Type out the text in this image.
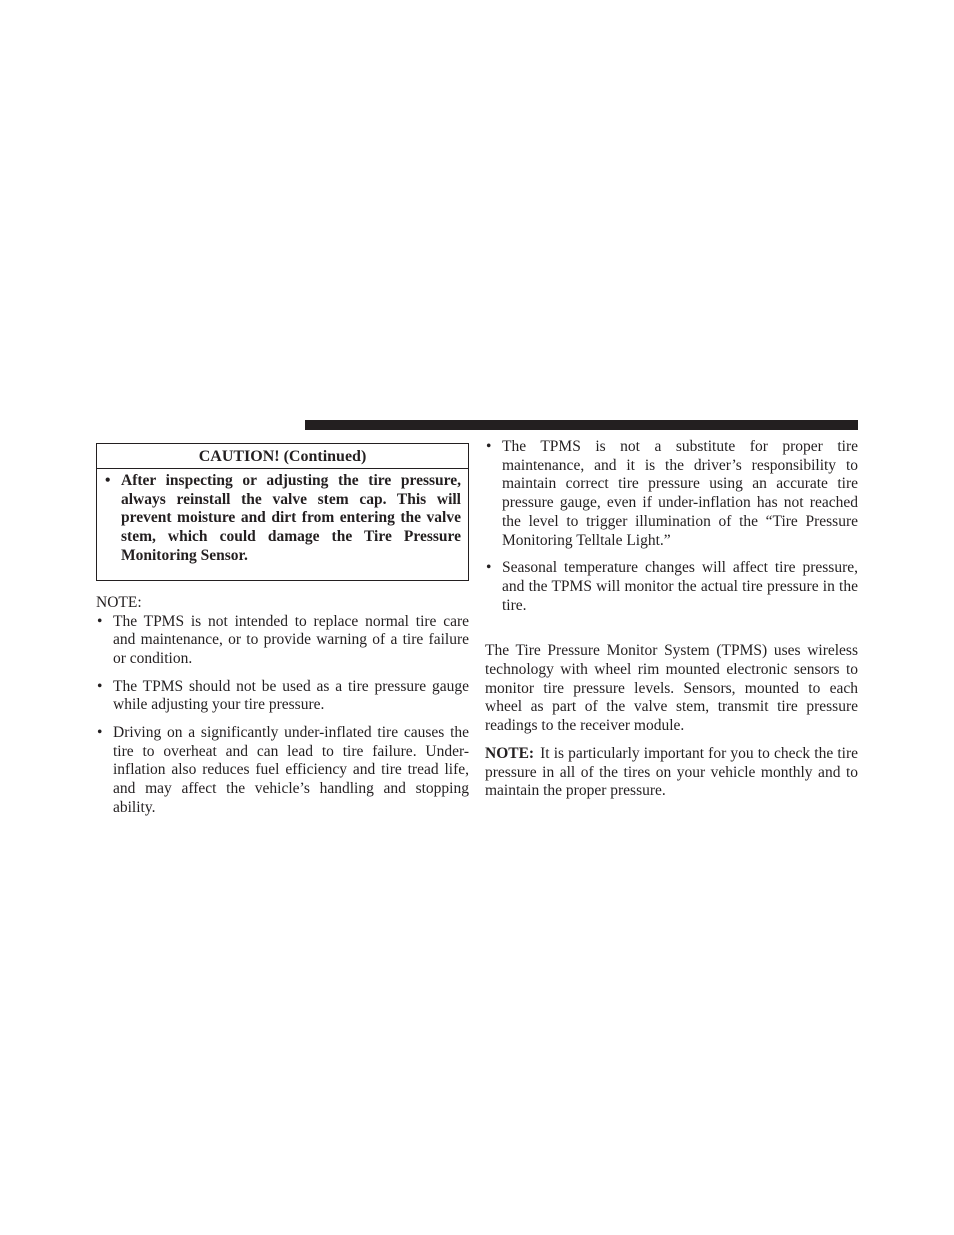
CAUTION! (Continued)
• After inspecting or adjusting the tire pressure, always reinstall the valve stem cap. This will prevent moisture and dirt from entering the valve stem, which could damage the Tire Pressure Monitoring Sensor.
NOTE:
• The TPMS is not intended to replace normal tire care and maintenance, or to provide warning of a tire failure or condition.
• The TPMS should not be used as a tire pressure gauge while adjusting your tire pressure.
• Driving on a significantly under-inflated tire causes the tire to overheat and can lead to tire failure. Under-inflation also reduces fuel efficiency and tire tread life, and may affect the vehicle’s handling and stopping ability.
• The TPMS is not a substitute for proper tire maintenance, and it is the driver’s responsibility to maintain correct tire pressure using an accurate tire pressure gauge, even if under-inflation has not reached the level to trigger illumination of the “Tire Pressure Monitoring Telltale Light.”
• Seasonal temperature changes will affect tire pressure, and the TPMS will monitor the actual tire pressure in the tire.

The Tire Pressure Monitor System (TPMS) uses wireless technology with wheel rim mounted electronic sensors to monitor tire pressure levels. Sensors, mounted to each wheel as part of the valve stem, transmit tire pressure readings to the receiver module.

NOTE: It is particularly important for you to check the tire pressure in all of the tires on your vehicle monthly and to maintain the proper pressure.
